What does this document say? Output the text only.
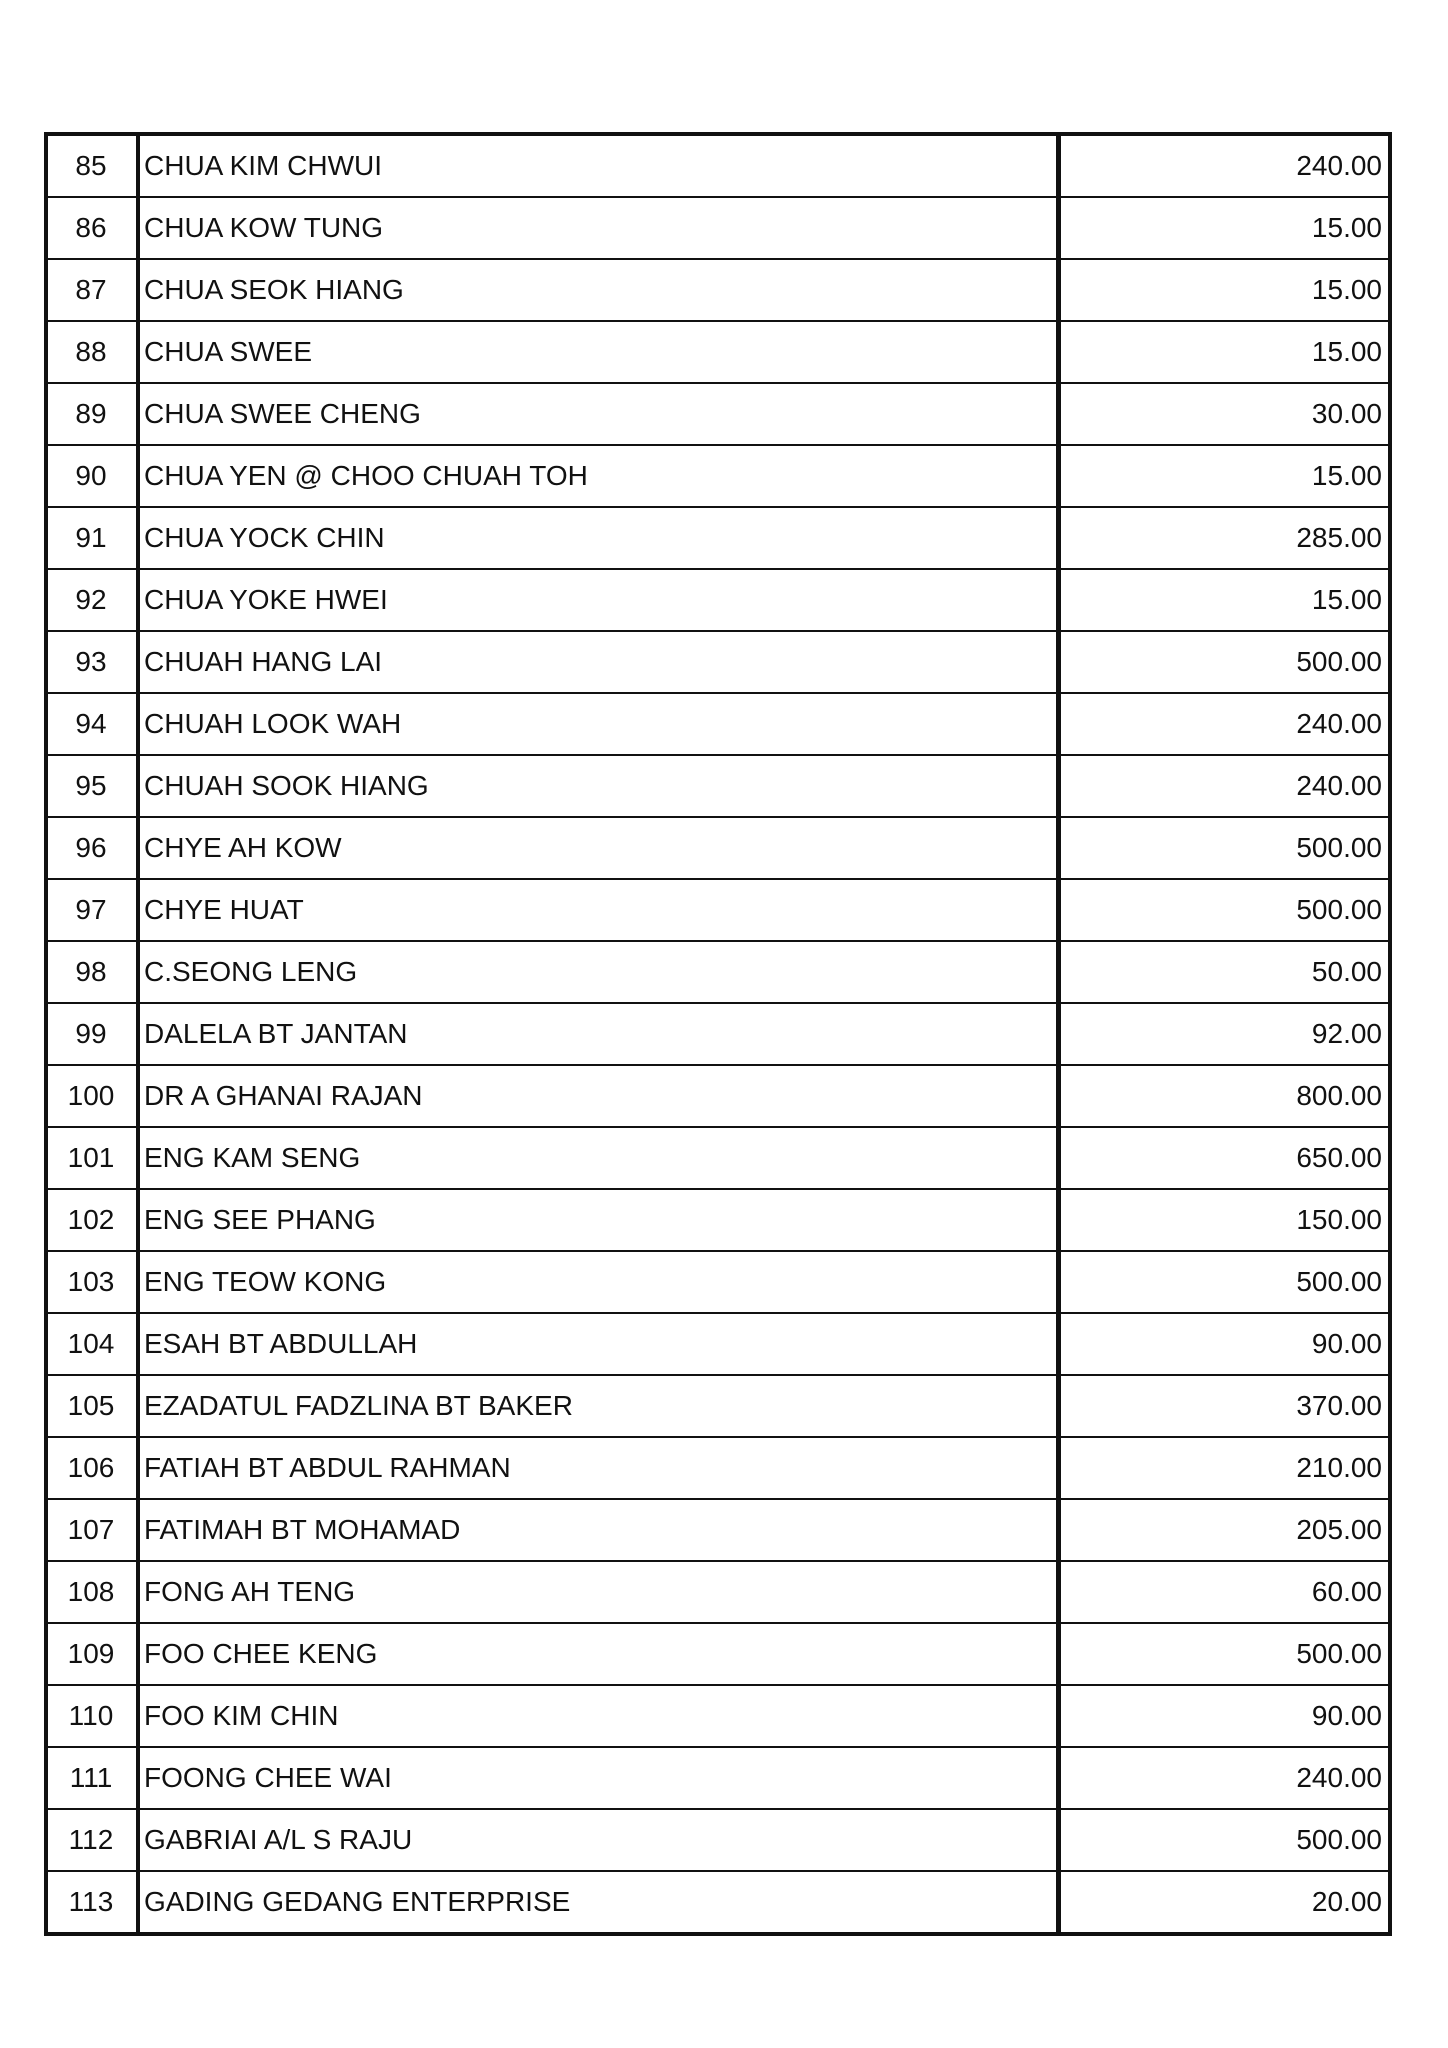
85	CHUA KIM CHWUI	240.00
86	CHUA KOW TUNG	15.00
87	CHUA SEOK HIANG	15.00
88	CHUA SWEE	15.00
89	CHUA SWEE CHENG	30.00
90	CHUA YEN @ CHOO CHUAH TOH	15.00
91	CHUA YOCK CHIN	285.00
92	CHUA YOKE HWEI	15.00
93	CHUAH HANG LAI	500.00
94	CHUAH LOOK WAH	240.00
95	CHUAH SOOK HIANG	240.00
96	CHYE AH KOW	500.00
97	CHYE HUAT	500.00
98	C.SEONG LENG	50.00
99	DALELA BT JANTAN	92.00
100	DR A GHANAI RAJAN	800.00
101	ENG KAM SENG	650.00
102	ENG SEE PHANG	150.00
103	ENG TEOW KONG	500.00
104	ESAH BT ABDULLAH	90.00
105	EZADATUL FADZLINA BT BAKER	370.00
106	FATIAH BT ABDUL RAHMAN	210.00
107	FATIMAH BT MOHAMAD	205.00
108	FONG AH TENG	60.00
109	FOO CHEE KENG	500.00
110	FOO KIM CHIN	90.00
111	FOONG CHEE WAI	240.00
112	GABRIAI A/L S RAJU	500.00
113	GADING GEDANG ENTERPRISE	20.00
